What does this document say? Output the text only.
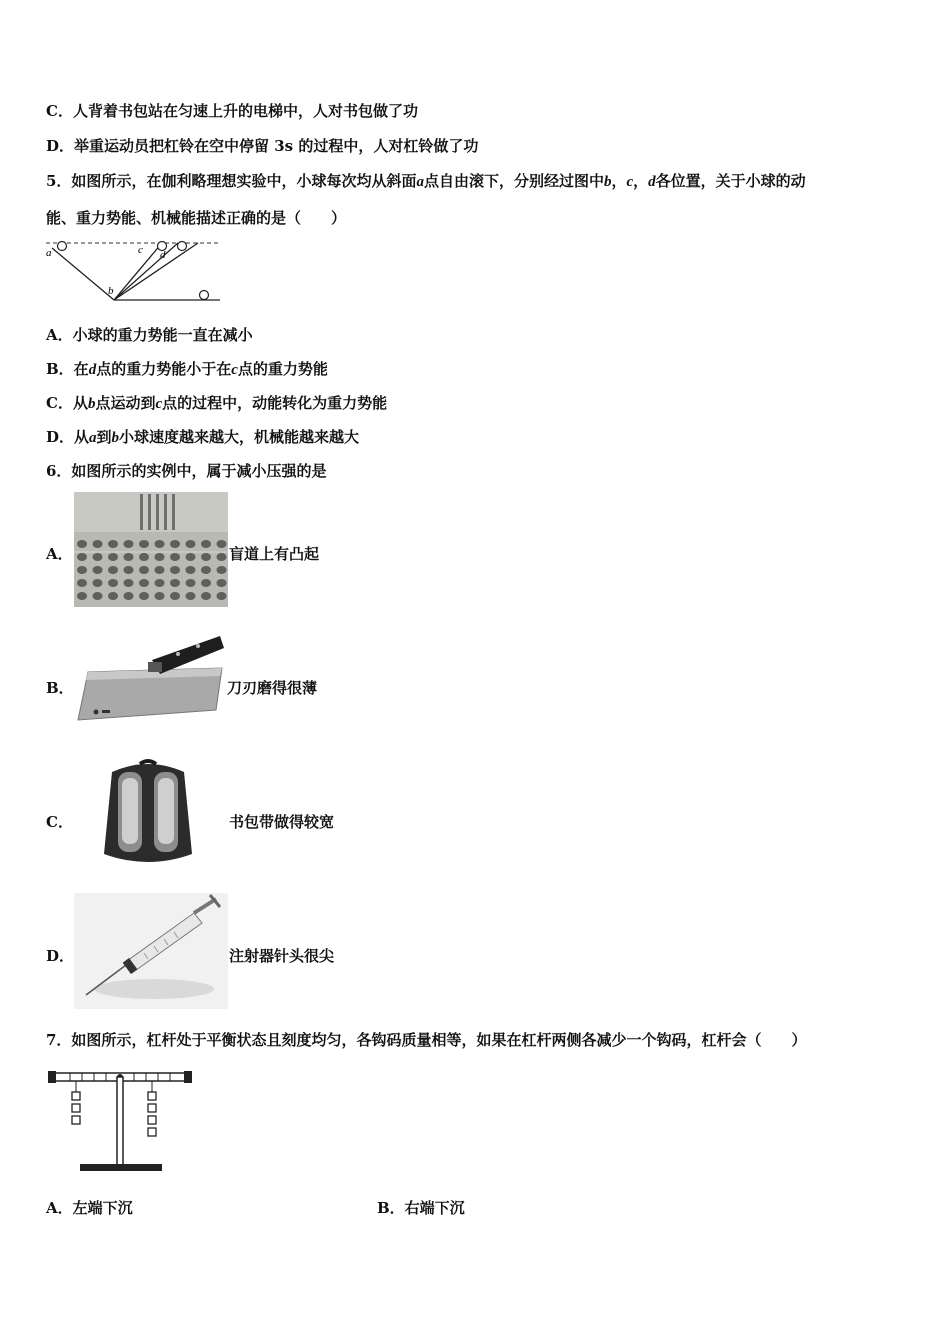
C．人背着书包站在匀速上升的电梯中，人对书包做了功
D．举重运动员把杠铃在空中停留 3s 的过程中，人对杠铃做了功
5．如图所示，在伽利略理想实验中，小球每次均从斜面a点自由滚下，分别经过图中b，c，d各位置，关于小球的动
能、重力势能、机械能描述正确的是（　　）
a
b
c d
A．小球的重力势能一直在减小
B．在d点的重力势能小于在c点的重力势能
C．从b点运动到c点的过程中，动能转化为重力势能
D．从a到b小球速度越来越大，机械能越来越大
6．如图所示的实例中，属于减小压强的是
A．	盲道上有凸起
B．	刀刃磨得很薄
C．	书包带做得较宽
D．	注射器针头很尖
7．如图所示，杠杆处于平衡状态且刻度均匀，各钩码质量相等，如果在杠杆两侧各减少一个钩码，杠杆会（　　）
A．左端下沉	B．右端下沉
